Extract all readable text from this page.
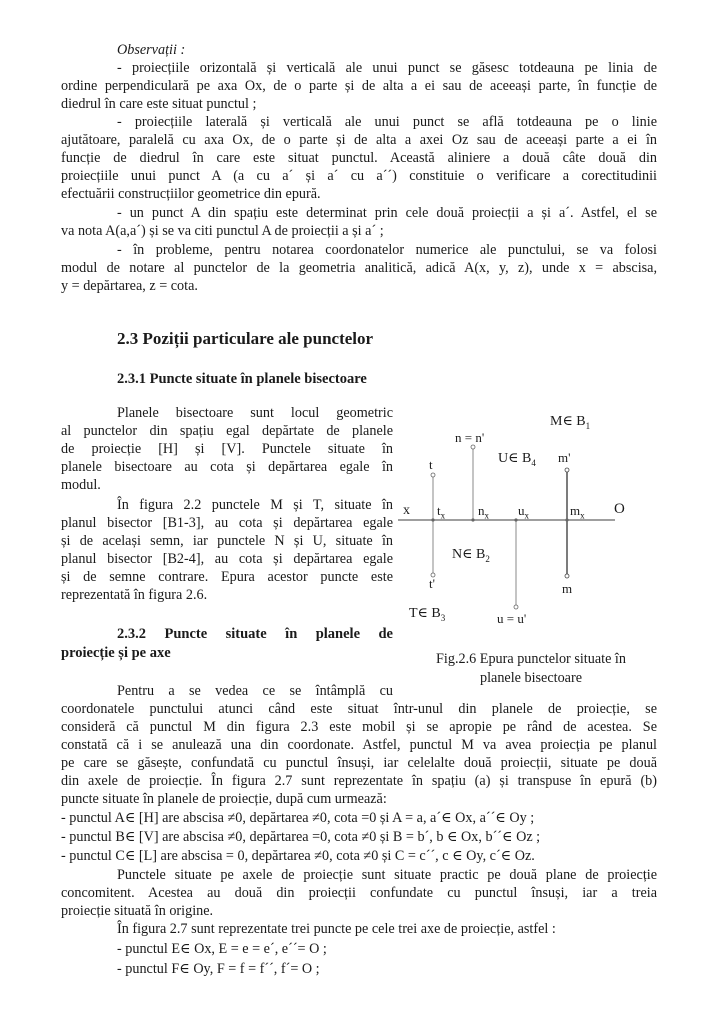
Observații :
- proiecțiile orizontală și verticală ale unui punct se găsesc totdeauna pe linia de
ordine perpendiculară pe axa Ox, de o parte și de alta a ei sau de aceeași parte, în funcție de
diedrul în care este situat punctul ;
- proiecțiile laterală și verticală ale unui punct se află totdeauna pe o linie
ajutătoare, paralelă cu axa Ox, de o parte și de alta a axei Oz sau de aceeași parte a ei în
funcție de diedrul în care este situat punctul. Această aliniere a două câte două din
proiecțiile unui punct A (a cu a´ și a´ cu a´´) constituie o verificare a corectitudinii
efectuării construcțiilor geometrice din epură.
- un punct A din spațiu este determinat prin cele două proiecții a și a´. Astfel, el se
va nota A(a,a´) și se va citi punctul A de proiecții a și a´ ;
- în probleme, pentru notarea coordonatelor numerice ale punctului, se va folosi
modul de notare al punctelor de la geometria analitică, adică A(x, y, z), unde x = abscisa,
y = depărtarea, z = cota.
2.3 Poziții particulare ale punctelor
2.3.1 Puncte situate în planele bisectoare
Planele bisectoare sunt locul geometric
al punctelor din spațiu egal depărtate de planele
de proiecție [H] și [V]. Punctele situate în
planele bisectoare au cota și depărtarea egale în
modul.
În figura 2.2 punctele M și T, situate în
planul bisector [B1-3], au cota și depărtarea egale
și de același semn, iar punctele N și U, situate în
planul bisector [B2-4], au cota și depărtarea egale
și de semne contrare. Epura acestor puncte este
reprezentată în figura 2.6.
M∈ $B_1$
n = n'
U∈ $B_4$ m'
t
x $t_x$	$n_x$ $u_x$	$m_x$ O
N∈ $B_2$
t'	m
T∈ $B_3$	u = u'
Fig.2.6 Epura punctelor situate în
planele bisectoare
2.3.2 Puncte situate în planele de
proiecție și pe axe
Pentru a se vedea ce se întâmplă cu
coordonatele punctului atunci când este situat într-unul din planele de proiecție, se
consideră că punctul M din figura 2.3 este mobil și se apropie pe rând de acestea. Se
constată că i se anulează una din coordonate. Astfel, punctul M va avea proiecția pe planul
pe care se găsește, confundată cu punctul însuși, iar celelalte două proiecții, situate pe două
din axele de proiecție. În figura 2.7 sunt reprezentate în spațiu (a) și transpuse în epură (b)
puncte situate în planele de proiecție, după cum urmează:
- punctul A∈ [H] are abscisa ≠0, depărtarea ≠0, cota =0 și A = a, a´∈ Ox, a´´∈ Oy ;
- punctul B∈ [V] are abscisa ≠0, depărtarea =0, cota ≠0 și B = b´, b ∈ Ox, b´´∈ Oz ;
- punctul C∈ [L] are abscisa = 0, depărtarea ≠0, cota ≠0 și C = c´´, c ∈ Oy, c´∈ Oz.
Punctele situate pe axele de proiecție sunt situate practic pe două plane de proiecție
concomitent. Acestea au două din proiecții confundate cu punctul însuși, iar a treia
proiecție situată în origine.
În figura 2.7 sunt reprezentate trei puncte pe cele trei axe de proiecție, astfel :
- punctul E∈ Ox, E = e = e´, e´´= O ;
- punctul F∈ Oy, F = f = f´´, f´= O ;
